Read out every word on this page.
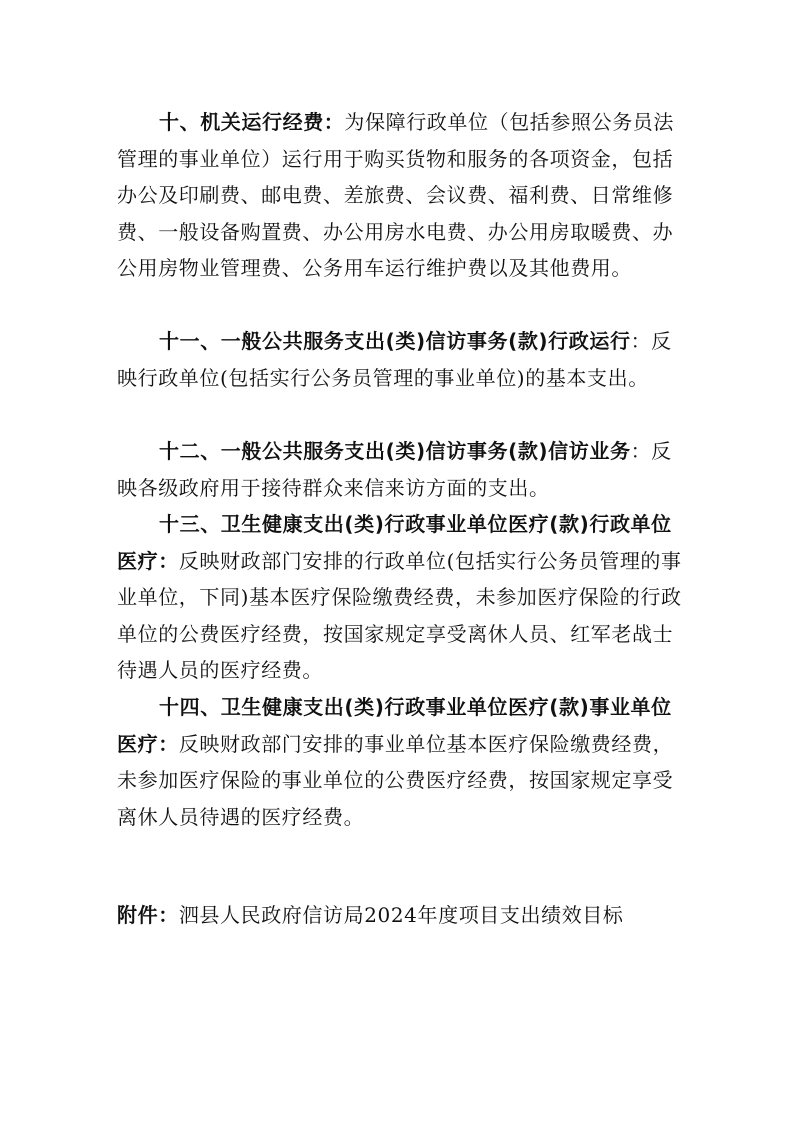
十、机关运行经费：为保障行政单位（包括参照公务员法管理的事业单位）运行用于购买货物和服务的各项资金，包括办公及印刷费、邮电费、差旅费、会议费、福利费、日常维修费、一般设备购置费、办公用房水电费、办公用房取暖费、办公用房物业管理费、公务用车运行维护费以及其他费用。

十一、一般公共服务支出(类)信访事务(款)行政运行：反映行政单位(包括实行公务员管理的事业单位)的基本支出。

十二、一般公共服务支出(类)信访事务(款)信访业务：反映各级政府用于接待群众来信来访方面的支出。

十三、卫生健康支出(类)行政事业单位医疗(款)行政单位医疗：反映财政部门安排的行政单位(包括实行公务员管理的事业单位，下同)基本医疗保险缴费经费，未参加医疗保险的行政单位的公费医疗经费，按国家规定享受离休人员、红军老战士待遇人员的医疗经费。

十四、卫生健康支出(类)行政事业单位医疗(款)事业单位医疗：反映财政部门安排的事业单位基本医疗保险缴费经费，未参加医疗保险的事业单位的公费医疗经费，按国家规定享受离休人员待遇的医疗经费。

附件：泗县人民政府信访局2024年度项目支出绩效目标
